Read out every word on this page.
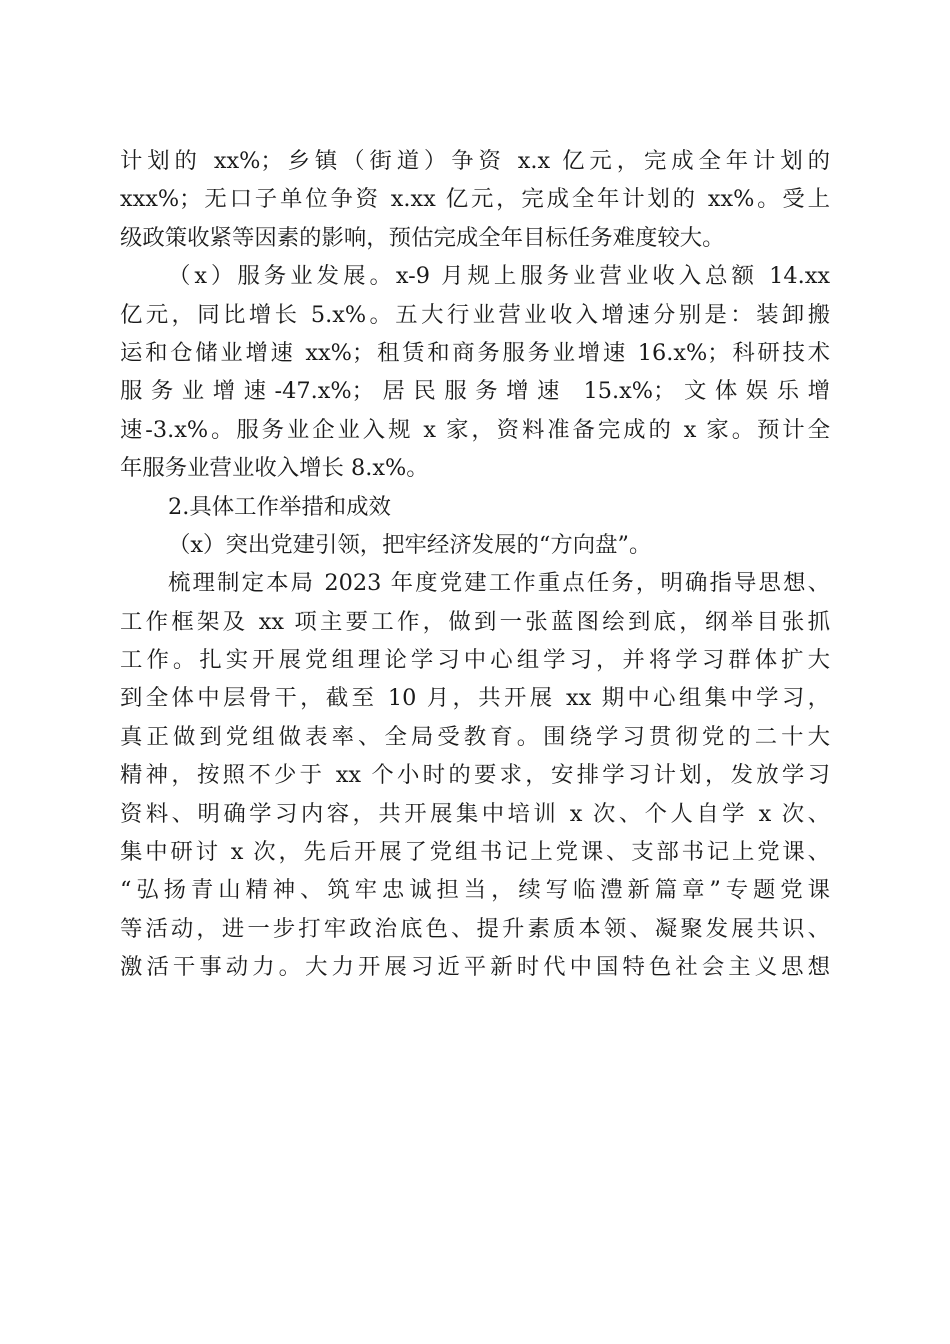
计划的 xx%；乡镇（街道）争资 x.x 亿元，完成全年计划的
xxx%；无口子单位争资 x.xx 亿元，完成全年计划的 xx%。受上
级政策收紧等因素的影响，预估完成全年目标任务难度较大。
（x）服务业发展。x-9 月规上服务业营业收入总额 14.xx
亿元，同比增长 5.x%。五大行业营业收入增速分别是：装卸搬
运和仓储业增速 xx%；租赁和商务服务业增速 16.x%；科研技术
服务业增速-47.x%；居民服务增速 15.x%；文体娱乐增
速-3.x%。服务业企业入规 x 家，资料准备完成的 x 家。预计全
年服务业营业收入增长 8.x%。
2.具体工作举措和成效
（x）突出党建引领，把牢经济发展的“方向盘”。
梳理制定本局 2023 年度党建工作重点任务，明确指导思想、
工作框架及 xx 项主要工作，做到一张蓝图绘到底，纲举目张抓
工作。扎实开展党组理论学习中心组学习，并将学习群体扩大
到全体中层骨干，截至 10 月，共开展 xx 期中心组集中学习，
真正做到党组做表率、全局受教育。围绕学习贯彻党的二十大
精神，按照不少于 xx 个小时的要求，安排学习计划，发放学习
资料、明确学习内容，共开展集中培训 x 次、个人自学 x 次、
集中研讨 x 次，先后开展了党组书记上党课、支部书记上党课、
“弘扬青山精神、筑牢忠诚担当，续写临澧新篇章”专题党课
等活动，进一步打牢政治底色、提升素质本领、凝聚发展共识、
激活干事动力。大力开展习近平新时代中国特色社会主义思想
